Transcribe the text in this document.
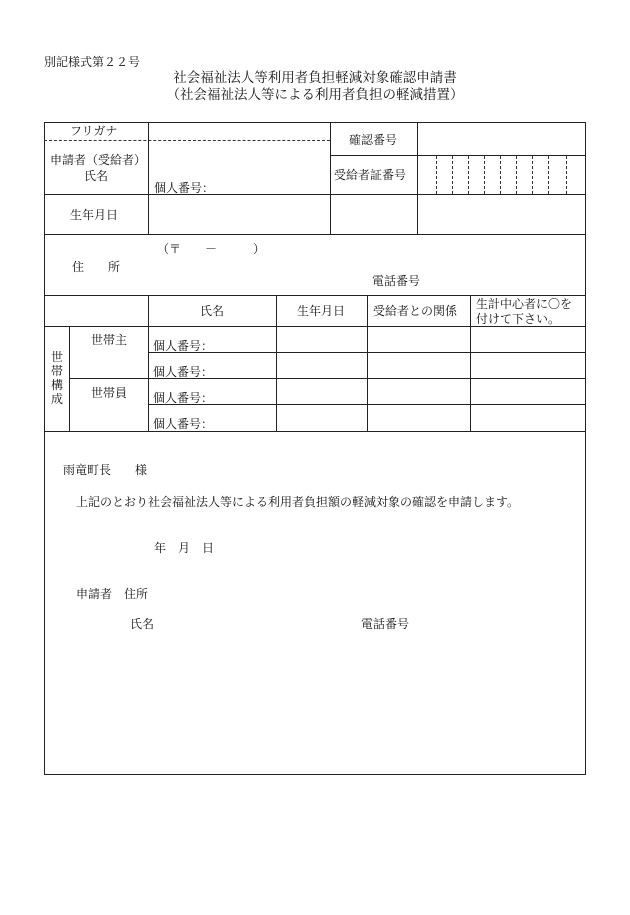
別記様式第２２号
社会福祉法人等利用者負担軽減対象確認申請書
（社会福祉法人等による利用者負担の軽減措置）
フリガナ
申請者（受給者）
氏名
個人番号：
確認番号
受給者証番号
生年月日
住　　所
（〒　　－　　　）
電話番号
氏名	生年月日 受給者との関係 生計中心者に〇を
付けて下さい。
世帯構成
世帯主
世帯員
個人番号：
個人番号：
個人番号：
個人番号：
雨竜町長　　様
上記のとおり社会福祉法人等による利用者負担額の軽減対象の確認を申請します。
年　月　日
申請者　住所
氏名	電話番号
